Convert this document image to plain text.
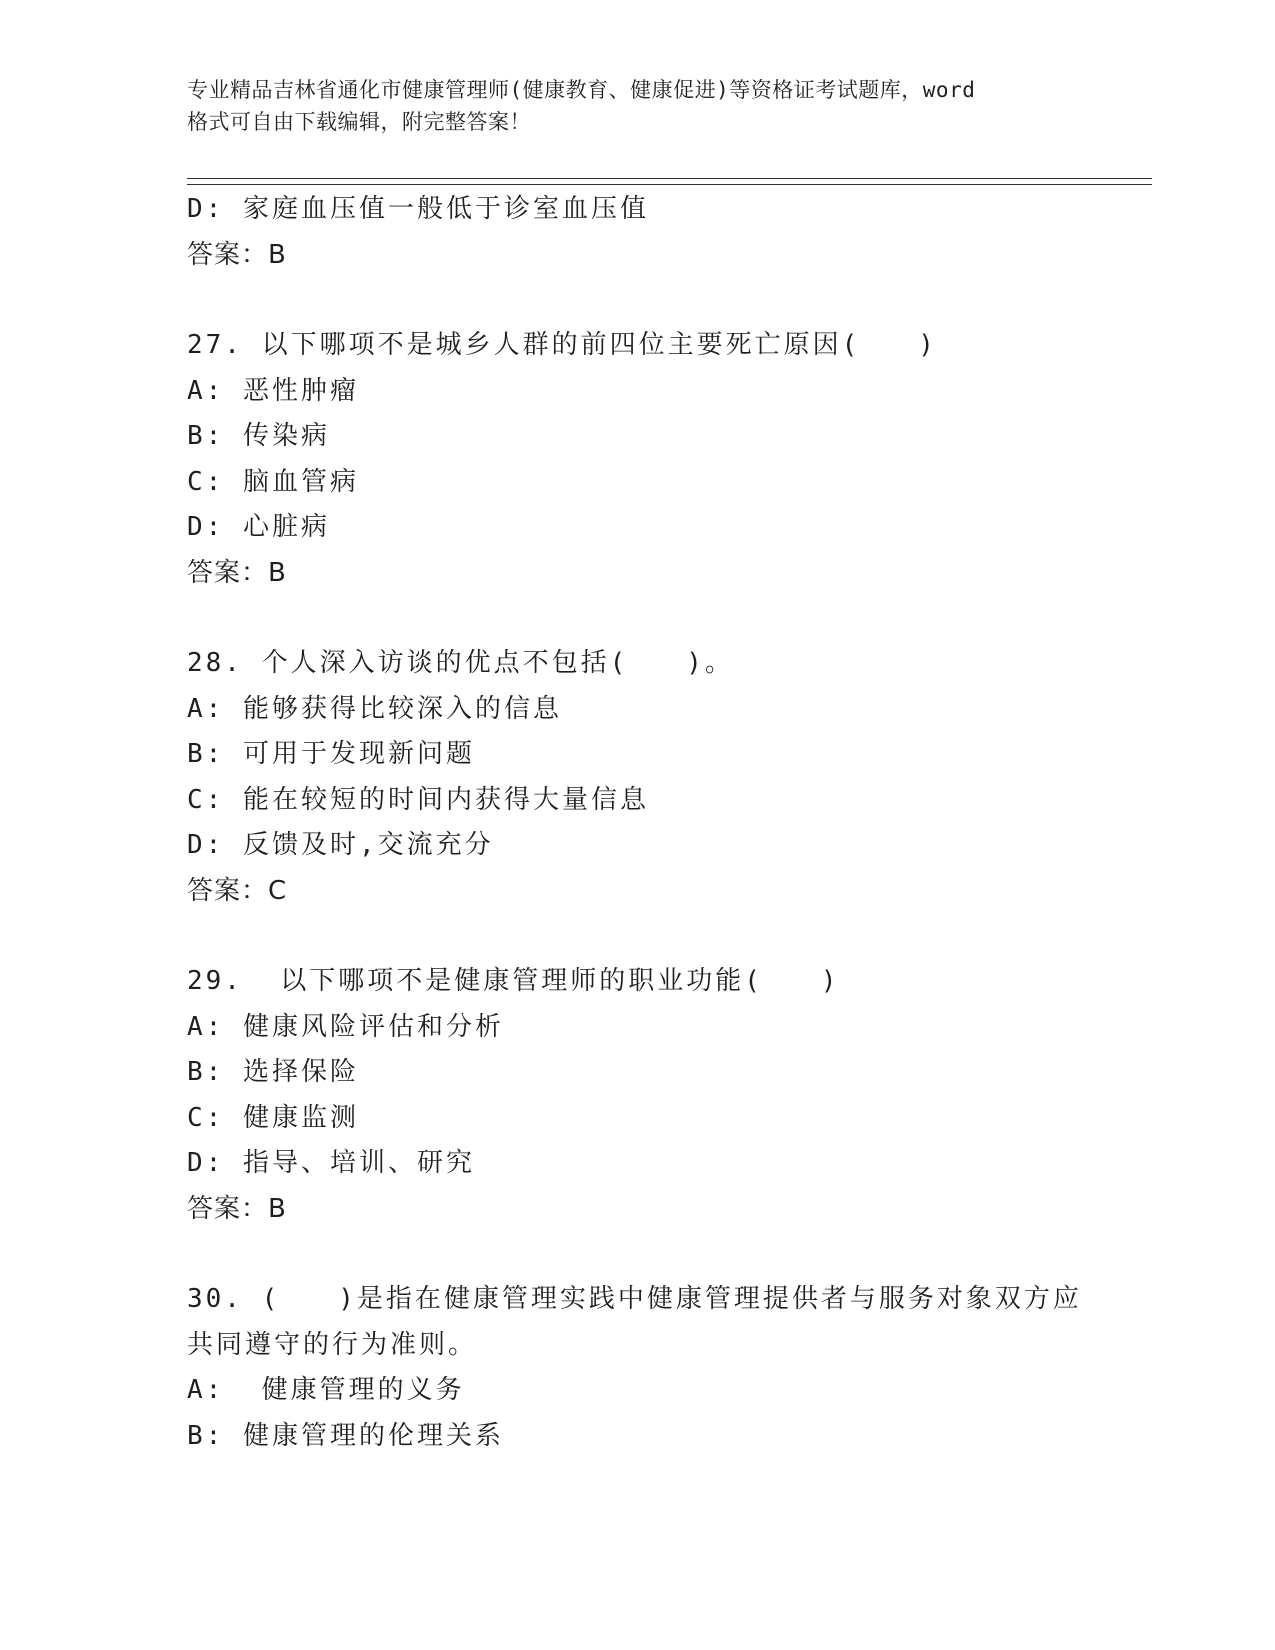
专业精品吉林省通化市健康管理师(健康教育、健康促进)等资格证考试题库，word
格式可自由下载编辑，附完整答案！
D: 家庭血压值一般低于诊室血压值
答案：B
27. 以下哪项不是城乡人群的前四位主要死亡原因(　　)
A: 恶性肿瘤
B: 传染病
C: 脑血管病
D: 心脏病
答案：B
28. 个人深入访谈的优点不包括(　　)。
A: 能够获得比较深入的信息
B: 可用于发现新问题
C: 能在较短的时间内获得大量信息
D: 反馈及时,交流充分
答案：C
29.  以下哪项不是健康管理师的职业功能(　　)
A: 健康风险评估和分析
B: 选择保险
C: 健康监测
D: 指导、培训、研究
答案：B
30. (　　)是指在健康管理实践中健康管理提供者与服务对象双方应
共同遵守的行为准则。
A:  健康管理的义务
B: 健康管理的伦理关系
